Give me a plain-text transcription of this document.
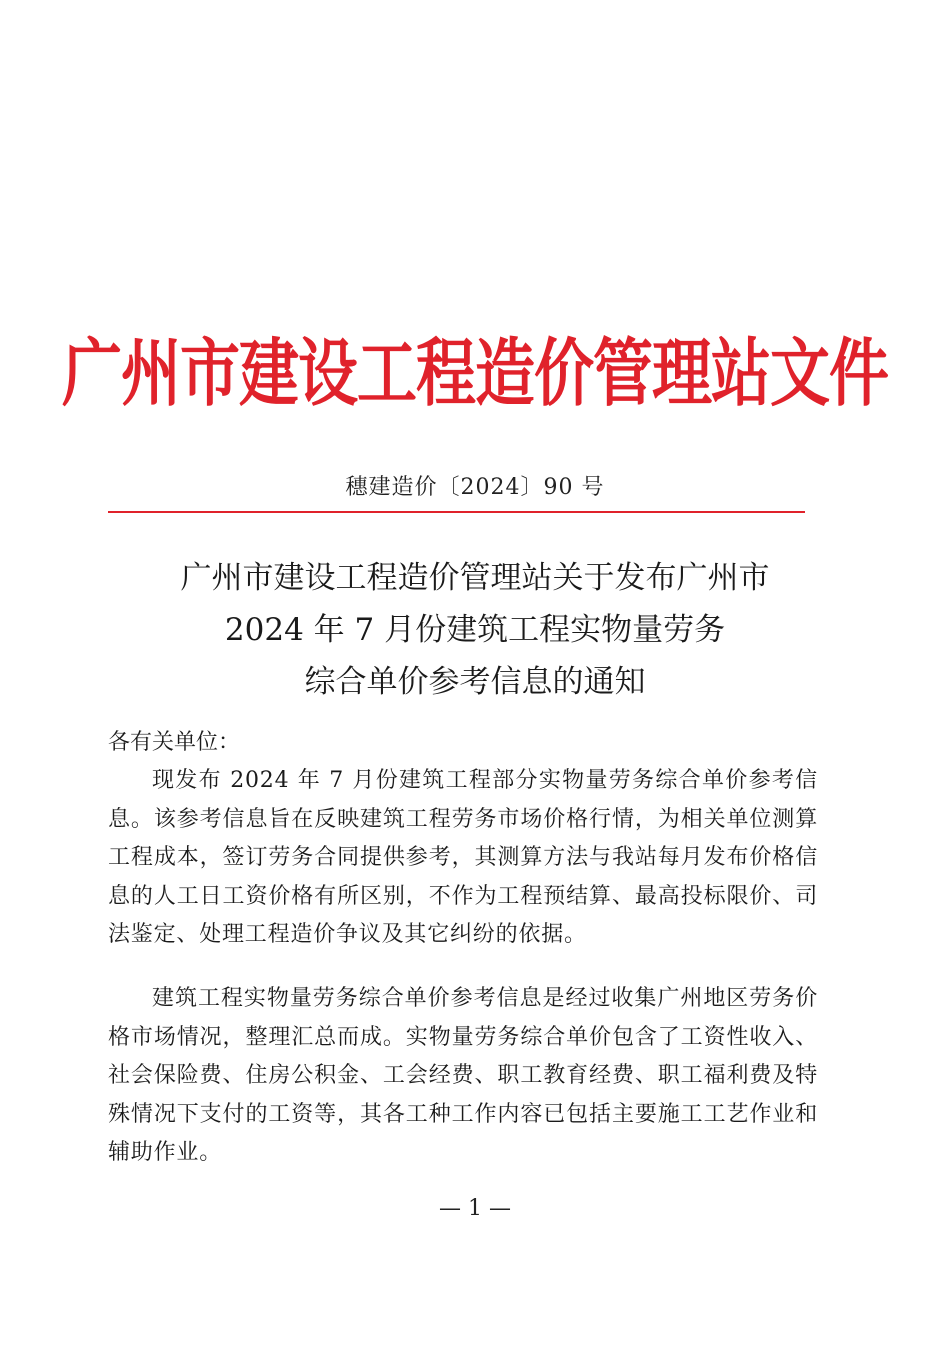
广州市建设工程造价管理站文件
穗建造价〔2024〕90 号
广州市建设工程造价管理站关于发布广州市
2024 年 7 月份建筑工程实物量劳务
综合单价参考信息的通知
各有关单位：

现发布 2024 年 7 月份建筑工程部分实物量劳务综合单价参考信息。该参考信息旨在反映建筑工程劳务市场价格行情，为相关单位测算工程成本，签订劳务合同提供参考，其测算方法与我站每月发布价格信息的人工日工资价格有所区别，不作为工程预结算、最高投标限价、司法鉴定、处理工程造价争议及其它纠纷的依据。

建筑工程实物量劳务综合单价参考信息是经过收集广州地区劳务价格市场情况，整理汇总而成。实物量劳务综合单价包含了工资性收入、社会保险费、住房公积金、工会经费、职工教育经费、职工福利费及特殊情况下支付的工资等，其各工种工作内容已包括主要施工工艺作业和辅助作业。

— 1 —
